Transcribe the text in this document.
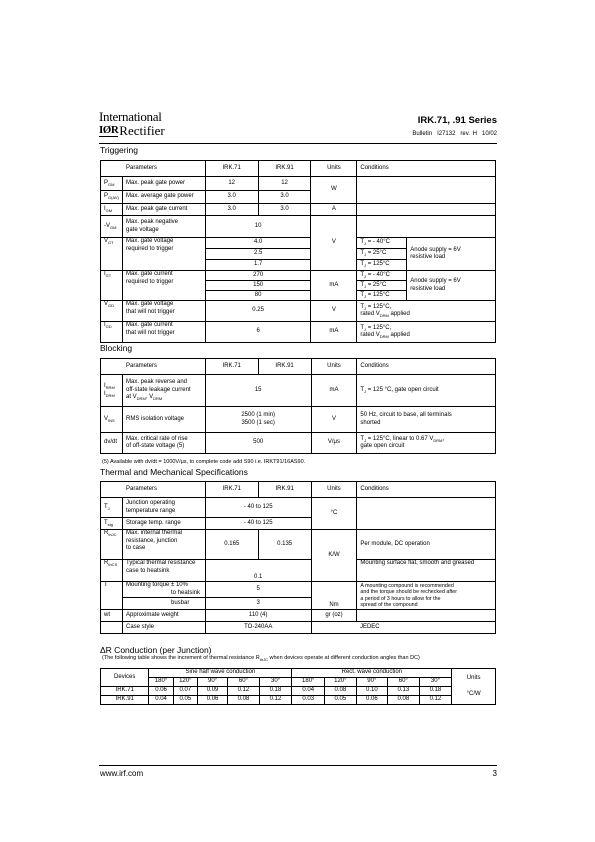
International
IØR Rectifier
IRK.71, .91 Series
Bulletin I27132 rev. H 10/02
Triggering
Parameters		IRK.71	IRK.91	Units	Conditions	
$P_{GM}$	Max. peak gate power	12	12	W		
$P_{G(AV)}$	Max. average gate power	3.0	3.0			
$I_{GM}$	Max. peak gate current	3.0	3.0	A		
$-V_{GM}$	Max. peak negative
gate voltage	10		V		
$V_{GT}$	Max. gate voltage
required to trigger	4.0			$T_J$ = - 40°C	Anode supply = 6V
resistive load
		2.5			$T_J = 25^\circ C$	
		1.7			$T_J = 125^\circ C$	
$I_{GT}$	Max. gate current
required to trigger	270		mA	$T_J$ = - 40°C	Anode supply = 6V
resistive load
		150			$T_J = 25^\circ C$	
		80			$T_J = 125^\circ C$	
$V_{GD}$	Max. gate voltage
that will not trigger	0.25		V	$T_J = 125^\circ C$,
rated $V_{DRM}$ applied	
$I_{GD}$	Max. gate current
that will not trigger	6		mA	$T_J = 125^\circ C$,
rated $V_{DRM}$ applied	
Blocking
Parameters		IRK.71	IRK.91	Units	Conditions
$I_{RRM}$
$I_{DRM}$	Max. peak reverse and
off-state leakage current
at $V_{DRM}$, $V_{DRM}$	15		mA	$T_J = 125$ °C, gate open circuit
$V_{INS}$	RMS isolation voltage	2500 (1 min)
3500 (1 sec)		V	50 Hz, circuit to base, all terminals
shorted
dv/dt	Max. critical rate of rise
of off-state voltage (5)	500		V/μs	$T_J = 125^\circ C$, linear to 0.67 $V_{DRM}$,
gate open circuit
(5) Available with dv/dt = 1000V/μs, to complete code add S90 i.e. IRKT91/16AS90.
Thermal and Mechanical Specifications
Parameters		IRK.71	IRK.91	Units	Conditions
$T_J$	Junction operating
temperature range	- 40 to 125		°C	
$T_{stg}$	Storage temp. range	- 40 to 125			
$R_{thJC}$	Max. internal thermal
resistance, junction
to case	0.165	0.135	K/W	Per module, DC operation
$R_{thCS}$	Typical thermal resistance
case to heatsink	0.1			Mounting surface flat, smooth and greased
T	Mounting torque ± 10%
to heatsink	5		Nm	A mounting compound is recommended
and the torque should be rechecked after
a period of 3 hours to allow for the
spread of the compound
	busbar	3			
wt	Approximate weight	110 (4)		gr (oz)	
	Case style	TO-240AA		JEDEC	
ΔR Conduction (per Junction)
(The following table shows the increment of thermal resistance $R_{thJC}$ when devices operate at different conduction angles than DC)
Devices	Sine half wave conduction					Rect. wave conduction					Units
°C/W

	180°	120°	90°	60°	30°	180°	120°	90°	60°	30°	
IRK.71	0.06	0.07	0.09	0.12	0.18	0.04	0.08	0.10	0.13	0.18	
IRK.91	0.04	0.05	0.06	0.08	0.12	0.03	0.05	0.06	0.08	0.12	
www.irf.com	3
